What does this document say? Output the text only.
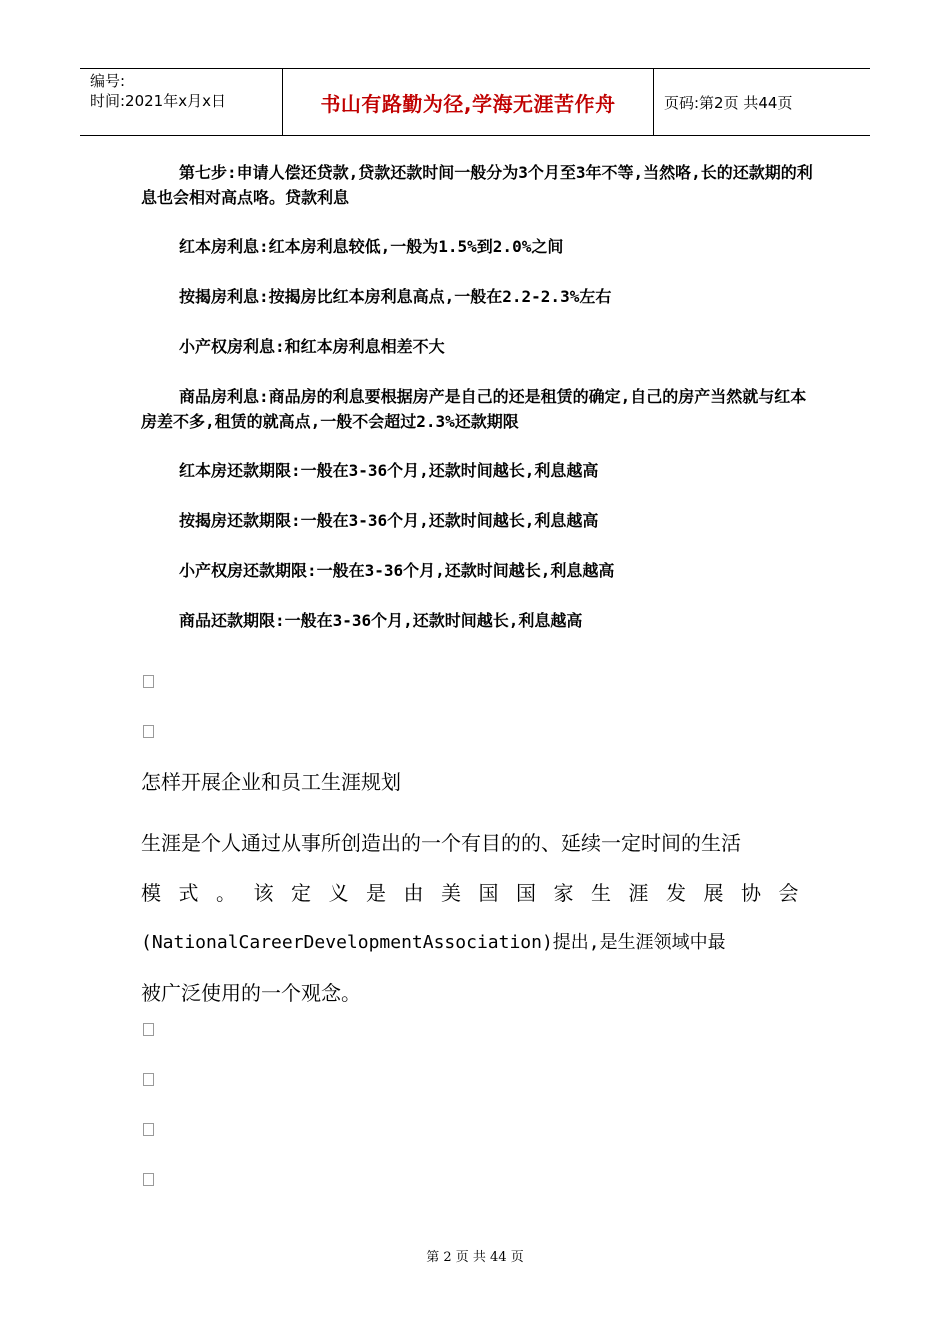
编号:
时间:2021年x月x日	书山有路勤为径,学海无涯苦作舟	页码:第2页 共44页

第七步:申请人偿还贷款,贷款还款时间一般分为3个月至3年不等,当然咯,长的还款期的利息也会相对高点咯。贷款利息

红本房利息:红本房利息较低,一般为1.5%到2.0%之间

按揭房利息:按揭房比红本房利息高点,一般在2.2-2.3%左右

小产权房利息:和红本房利息相差不大

商品房利息:商品房的利息要根据房产是自己的还是租赁的确定,自己的房产当然就与红本房差不多,租赁的就高点,一般不会超过2.3%还款期限

红本房还款期限:一般在3-36个月,还款时间越长,利息越高

按揭房还款期限:一般在3-36个月,还款时间越长,利息越高

小产权房还款期限:一般在3-36个月,还款时间越长,利息越高

商品还款期限:一般在3-36个月,还款时间越长,利息越高

怎样开展企业和员工生涯规划

生涯是个人通过从事所创造出的一个有目的的、延续一定时间的生活
模式。该定义是由美国国家生涯发展协会
(NationalCareerDevelopmentAssociation)提出,是生涯领域中最
被广泛使用的一个观念。

第 2 页 共 44 页
